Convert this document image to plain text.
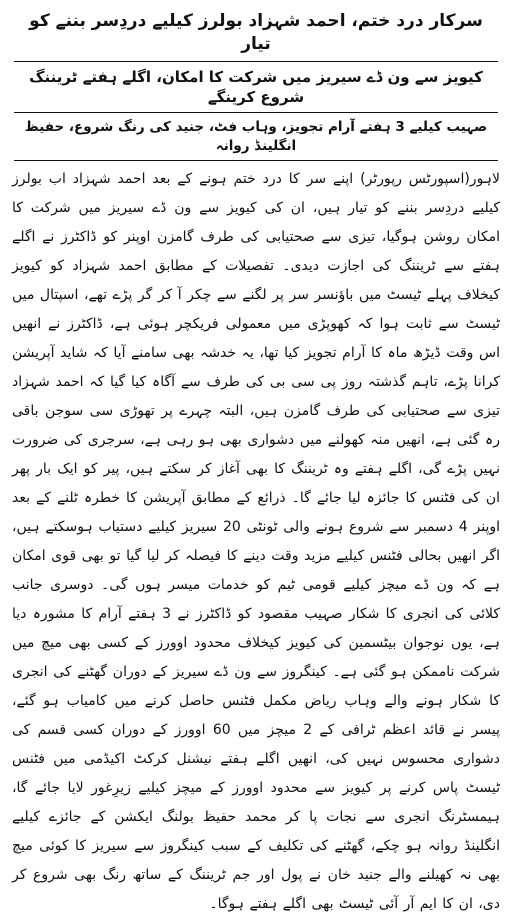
سرکار درد ختم، احمد شہزاد بولرز کیلیے دردِسر بننے کو تیار
کیویز سے ون ڈے سیریز میں شرکت کا امکان، اگلے ہفتے ٹریننگ شروع کرینگے
صہیب کیلیے 3 ہفتے آرام تجویز، وہاب فٹ، جنید کی رنگ شروع، حفیظ انگلینڈ روانہ
لاہور(اسپورٹس رپورٹر) اپنے سر کا درد ختم ہونے کے بعد احمد شہزاد اب بولرز کیلیے دردِسر بننے کو تیار ہیں، ان کی کیویز سے ون ڈے سیریز میں شرکت کا امکان روشن ہوگیا، تیزی سے صحتیابی کی طرف گامزن اوپنر کو ڈاکٹرز نے اگلے ہفتے سے ٹریننگ کی اجازت دیدی۔ تفصیلات کے مطابق احمد شہزاد کو کیویز کیخلاف پہلے ٹیسٹ میں باؤنسر سر پر لگنے سے چکر آ کر گر پڑے تھے، اسپتال میں ٹیسٹ سے ثابت ہوا کہ کھوپڑی میں معمولی فریکچر ہوئی ہے، ڈاکٹرز نے انھیں اس وقت ڈیڑھ ماہ کا آرام تجویز کیا تھا، یہ خدشہ بھی سامنے آیا کہ شاید آپریشن کرانا پڑے، تاہم گذشتہ روز پی سی بی کی طرف سے آگاہ کیا گیا کہ احمد شہزاد تیزی سے صحتیابی کی طرف گامزن ہیں، البتہ چہرے پر تھوڑی سی سوجن باقی رہ گئی ہے، انھیں منہ کھولنے میں دشواری بھی ہو رہی ہے، سرجری کی ضرورت نہیں پڑے گی، اگلے ہفتے وہ ٹریننگ کا بھی آغاز کر سکتے ہیں، پیر کو ایک بار پھر ان کی فٹنس کا جائزہ لیا جائے گا۔ ذرائع کے مطابق آپریشن کا خطرہ ٹلنے کے بعد اوپنر 4 دسمبر سے شروع ہونے والی ٹونٹی 20 سیریز کیلیے دستیاب ہوسکتے ہیں، اگر انھیں بحالی فٹنس کیلیے مزید وقت دینے کا فیصلہ کر لیا گیا تو بھی قوی امکان ہے کہ ون ڈے میچز کیلیے قومی ٹیم کو خدمات میسر ہوں گی۔ دوسری جانب کلائی کی انجری کا شکار صہیب مقصود کو ڈاکٹرز نے 3 ہفتے آرام کا مشورہ دیا ہے، یوں نوجوان بیٹسمین کی کیویز کیخلاف محدود اوورز کے کسی بھی میچ میں شرکت ناممکن ہو گئی ہے۔ کینگروز سے ون ڈے سیریز کے دوران گھٹنے کی انجری کا شکار ہونے والے وہاب ریاض مکمل فٹنس حاصل کرنے میں کامیاب ہو گئے، پیسر نے قائد اعظم ٹرافی کے 2 میچز میں 60 اوورز کے دوران کسی قسم کی دشواری محسوس نہیں کی، انھیں اگلے ہفتے نیشنل کرکٹ اکیڈمی میں فٹنس ٹیسٹ پاس کرنے پر کیویز سے محدود اوورز کے میچز کیلیے زیرِغور لایا جائے گا، ہیمسٹرنگ انجری سے نجات پا کر محمد حفیظ بولنگ ایکشن کے جائزے کیلیے انگلینڈ روانہ ہو چکے، گھٹنے کی تکلیف کے سبب کینگروز سے سیریز کا کوئی میچ بھی نہ کھیلنے والے جنید خان نے پول اور جم ٹریننگ کے ساتھ رنگ بھی شروع کر دی، ان کا ایم آر آئی ٹیسٹ بھی اگلے ہفتے ہوگا۔
